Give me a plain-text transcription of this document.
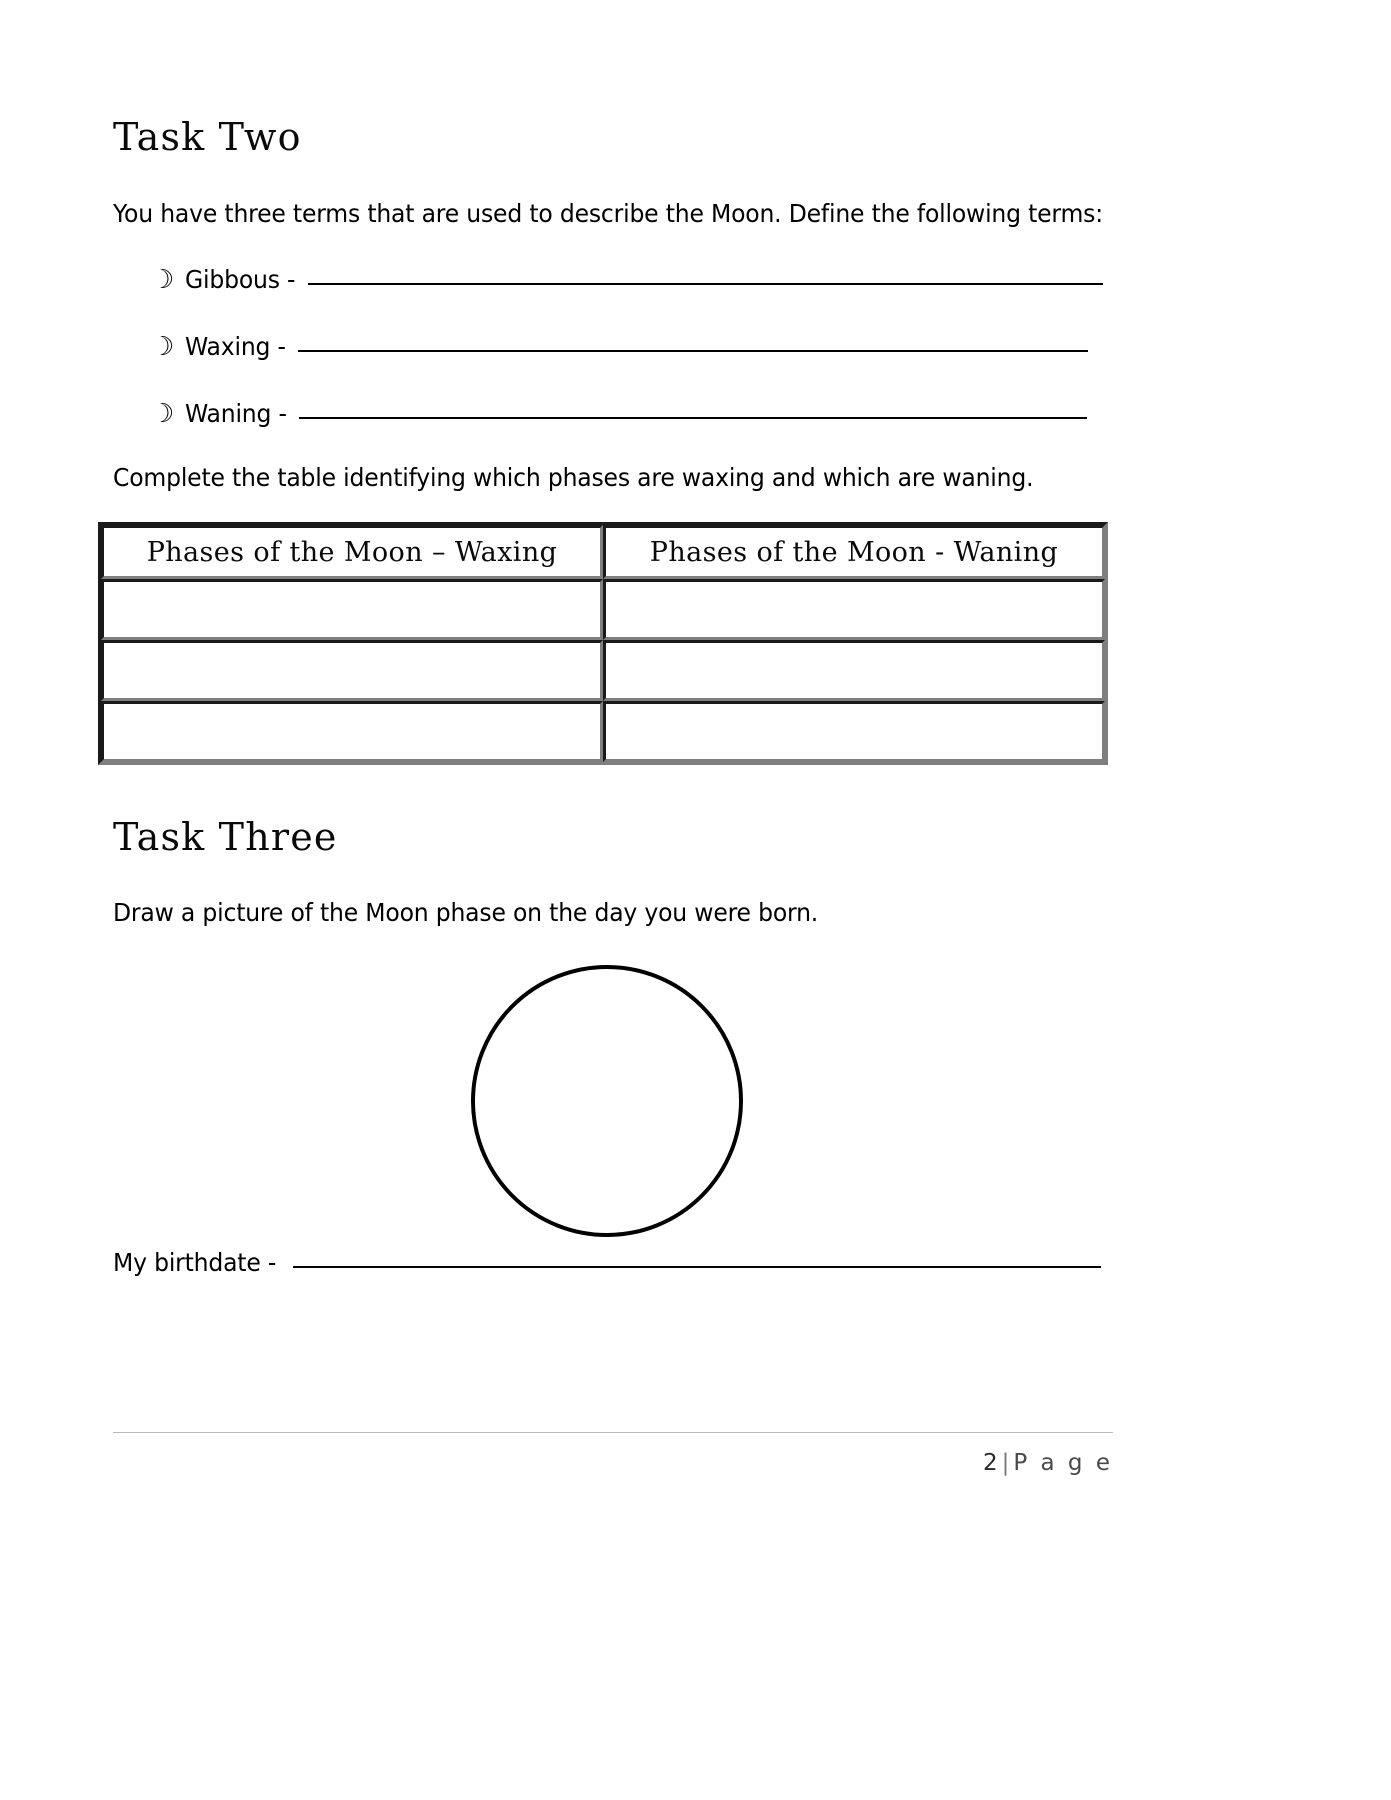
Task Two
You have three terms that are used to describe the Moon. Define the following terms:
☽ Gibbous -
☽ Waxing -
☽ Waning -
Complete the table identifying which phases are waxing and which are waning.
Phases of the Moon – Waxing	Phases of the Moon - Waning

Task Three
Draw a picture of the Moon phase on the day you were born.
My birthdate -
2 | P a g e
